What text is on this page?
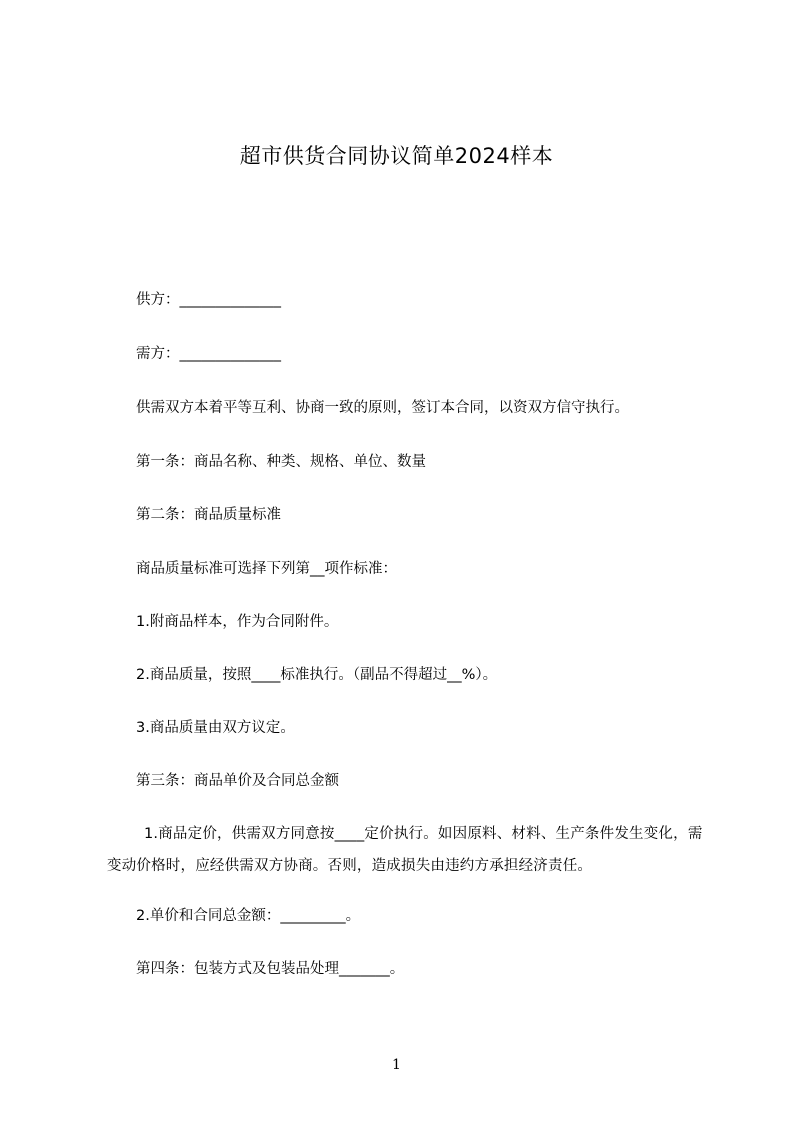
超市供货合同协议简单2024样本
供方：______________
需方：______________
供需双方本着平等互利、协商一致的原则，签订本合同，以资双方信守执行。
第一条：商品名称、种类、规格、单位、数量
第二条：商品质量标准
商品质量标准可选择下列第__项作标准：
1.附商品样本，作为合同附件。
2.商品质量，按照____标准执行。（副品不得超过__%）。
3.商品质量由双方议定。
第三条：商品单价及合同总金额
1.商品定价，供需双方同意按____定价执行。如因原料、材料、生产条件发生变化，需变动价格时，应经供需双方协商。否则，造成损失由违约方承担经济责任。
2.单价和合同总金额：_________。
第四条：包装方式及包装品处理_______。
1
